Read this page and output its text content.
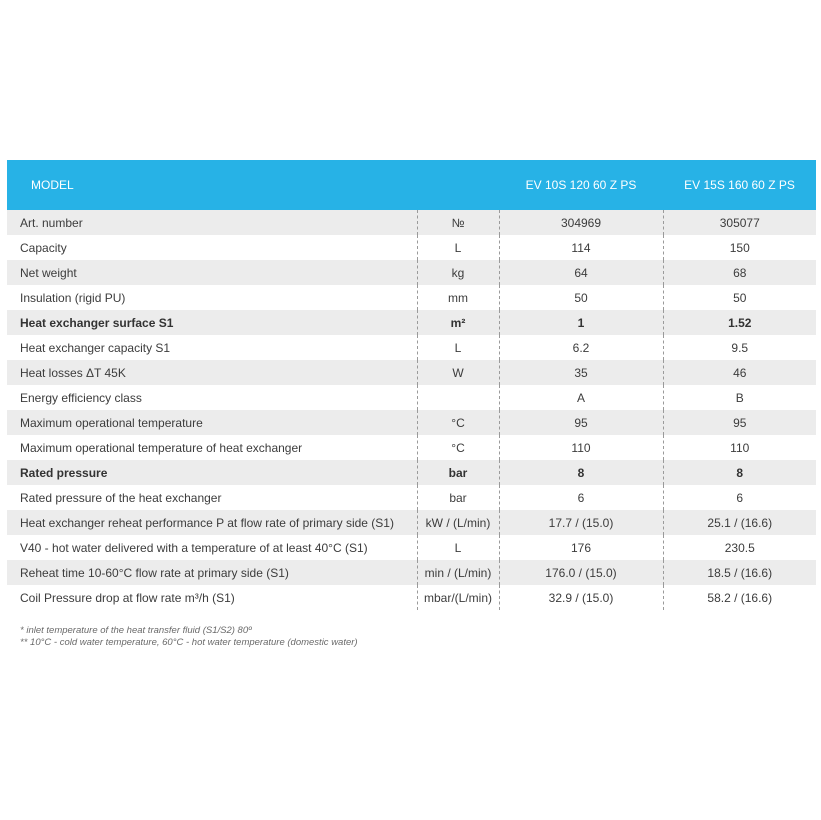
MODEL		EV 10S 120 60 Z PS	EV 15S 160 60 Z PS
Art. number	№	304969	305077
Capacity	L	114	150
Net weight	kg	64	68
Insulation (rigid PU)	mm	50	50
Heat exchanger surface S1	m²	1	1.52
Heat exchanger capacity S1	L	6.2	9.5
Heat losses ΔT 45K	W	35	46
Energy efficiency class		A	B
Maximum operational temperature	°C	95	95
Maximum operational temperature of heat exchanger	°C	110	110
Rated pressure	bar	8	8
Rated pressure of the heat exchanger	bar	6	6
Heat exchanger reheat performance P at flow rate of primary side (S1)	kW / (L/min)	17.7 / (15.0)	25.1 / (16.6)
V40 - hot water delivered with a temperature of at least 40°C (S1)	L	176	230.5
Reheat time 10-60°C flow rate at primary side (S1)	min / (L/min)	176.0 / (15.0)	18.5 / (16.6)
Coil Pressure drop at flow rate m³/h (S1)	mbar/(L/min)	32.9 / (15.0)	58.2 / (16.6)
* inlet temperature of the heat transfer fluid (S1/S2) 80º
** 10°C - cold water temperature, 60°C - hot water temperature (domestic water)
